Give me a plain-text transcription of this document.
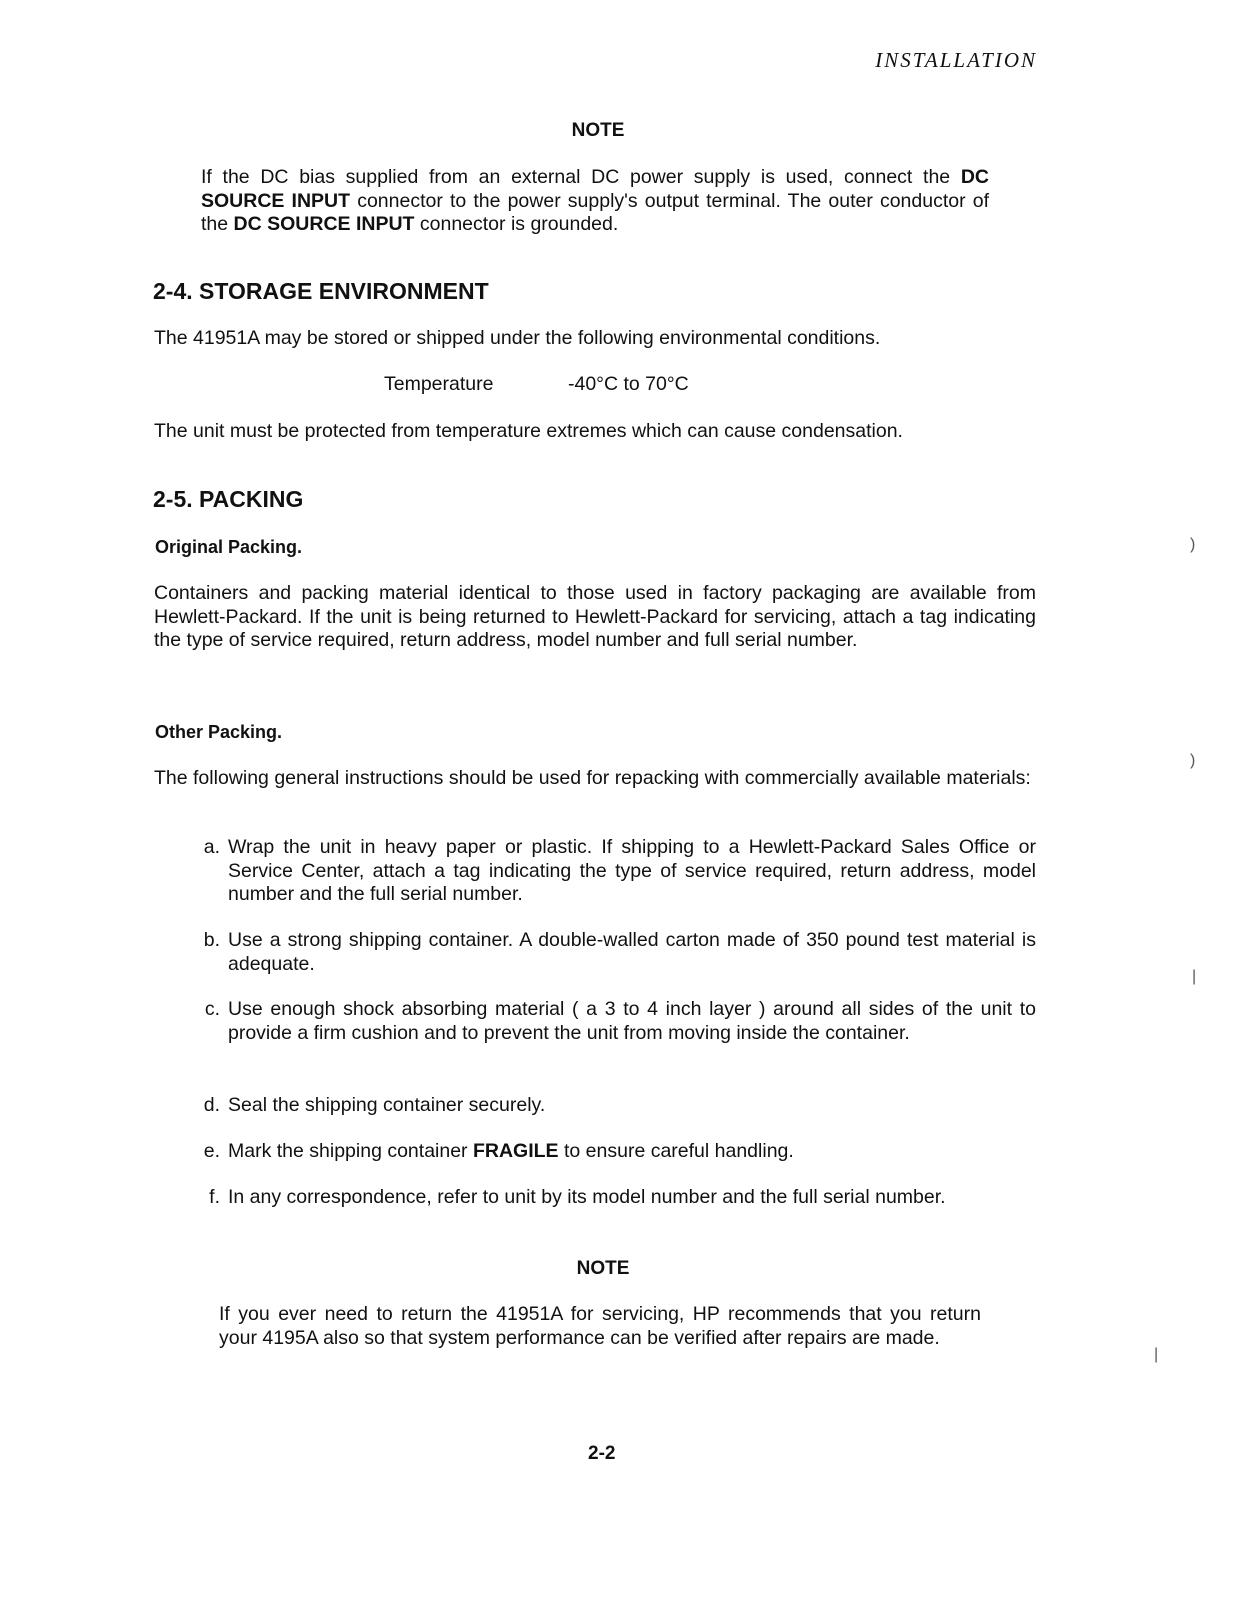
INSTALLATION
NOTE
If the DC bias supplied from an external DC power supply is used, connect the DC SOURCE INPUT connector to the power supply's output terminal. The outer conductor of the DC SOURCE INPUT connector is grounded.
2-4. STORAGE ENVIRONMENT
The 41951A may be stored or shipped under the following environmental conditions.
Temperature	-40°C to 70°C
The unit must be protected from temperature extremes which can cause condensation.
2-5. PACKING
Original Packing.
Containers and packing material identical to those used in factory packaging are available from Hewlett-Packard. If the unit is being returned to Hewlett-Packard for servicing, attach a tag indicating the type of service required, return address, model number and full serial number.
Other Packing.
The following general instructions should be used for repacking with commercially available materials:
a. Wrap the unit in heavy paper or plastic. If shipping to a Hewlett-Packard Sales Office or Service Center, attach a tag indicating the type of service required, return address, model number and the full serial number.
b. Use a strong shipping container. A double-walled carton made of 350 pound test material is adequate.
c. Use enough shock absorbing material ( a 3 to 4 inch layer ) around all sides of the unit to provide a firm cushion and to prevent the unit from moving inside the container.
d. Seal the shipping container securely.
e. Mark the shipping container FRAGILE to ensure careful handling.
f. In any correspondence, refer to unit by its model number and the full serial number.
NOTE
If you ever need to return the 41951A for servicing, HP recommends that you return your 4195A also so that system performance can be verified after repairs are made.
2-2
)
)
|
|
